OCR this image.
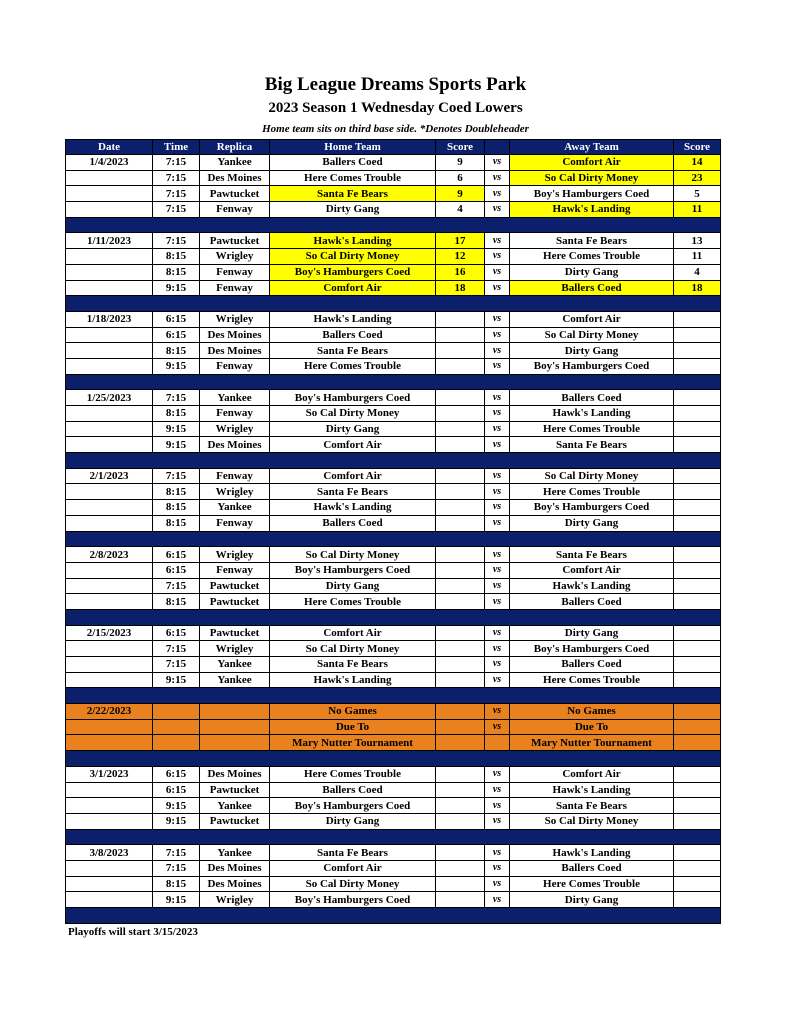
Big League Dreams Sports Park
2023 Season 1 Wednesday Coed Lowers
Home team sits on third base side. *Denotes Doubleheader
Date	Time	Replica	Home Team	Score		Away Team	Score
1/4/2023	7:15	Yankee	Ballers Coed	9	vs	Comfort Air	14
	7:15	Des Moines	Here Comes Trouble	6	vs	So Cal Dirty Money	23
	7:15	Pawtucket	Santa Fe Bears	9	vs	Boy's Hamburgers Coed	5
	7:15	Fenway	Dirty Gang	4	vs	Hawk's Landing	11

1/11/2023	7:15	Pawtucket	Hawk's Landing	17	vs	Santa Fe Bears	13
	8:15	Wrigley	So Cal Dirty Money	12	vs	Here Comes Trouble	11
	8:15	Fenway	Boy's Hamburgers Coed	16	vs	Dirty Gang	4
	9:15	Fenway	Comfort Air	18	vs	Ballers Coed	18

1/18/2023	6:15	Wrigley	Hawk's Landing		vs	Comfort Air	
	6:15	Des Moines	Ballers Coed		vs	So Cal Dirty Money	
	8:15	Des Moines	Santa Fe Bears		vs	Dirty Gang	
	9:15	Fenway	Here Comes Trouble		vs	Boy's Hamburgers Coed	

1/25/2023	7:15	Yankee	Boy's Hamburgers Coed		vs	Ballers Coed	
	8:15	Fenway	So Cal Dirty Money		vs	Hawk's Landing	
	9:15	Wrigley	Dirty Gang		vs	Here Comes Trouble	
	9:15	Des Moines	Comfort Air		vs	Santa Fe Bears	

2/1/2023	7:15	Fenway	Comfort Air		vs	So Cal Dirty Money	
	8:15	Wrigley	Santa Fe Bears		vs	Here Comes Trouble	
	8:15	Yankee	Hawk's Landing		vs	Boy's Hamburgers Coed	
	8:15	Fenway	Ballers Coed		vs	Dirty Gang	

2/8/2023	6:15	Wrigley	So Cal Dirty Money		vs	Santa Fe Bears	
	6:15	Fenway	Boy's Hamburgers Coed		vs	Comfort Air	
	7:15	Pawtucket	Dirty Gang		vs	Hawk's Landing	
	8:15	Pawtucket	Here Comes Trouble		vs	Ballers Coed	

2/15/2023	6:15	Pawtucket	Comfort Air		vs	Dirty Gang	
	7:15	Wrigley	So Cal Dirty Money		vs	Boy's Hamburgers Coed	
	7:15	Yankee	Santa Fe Bears		vs	Ballers Coed	
	9:15	Yankee	Hawk's Landing		vs	Here Comes Trouble	

2/22/2023			No Games		vs	No Games	
			Due To		vs	Due To	
			Mary Nutter Tournament			Mary Nutter Tournament	

3/1/2023	6:15	Des Moines	Here Comes Trouble		vs	Comfort Air	
	6:15	Pawtucket	Ballers Coed		vs	Hawk's Landing	
	9:15	Yankee	Boy's Hamburgers Coed		vs	Santa Fe Bears	
	9:15	Pawtucket	Dirty Gang		vs	So Cal Dirty Money	

3/8/2023	7:15	Yankee	Santa Fe Bears		vs	Hawk's Landing	
	7:15	Des Moines	Comfort Air		vs	Ballers Coed	
	8:15	Des Moines	So Cal Dirty Money		vs	Here Comes Trouble	
	9:15	Wrigley	Boy's Hamburgers Coed		vs	Dirty Gang	

Playoffs will start 3/15/2023
